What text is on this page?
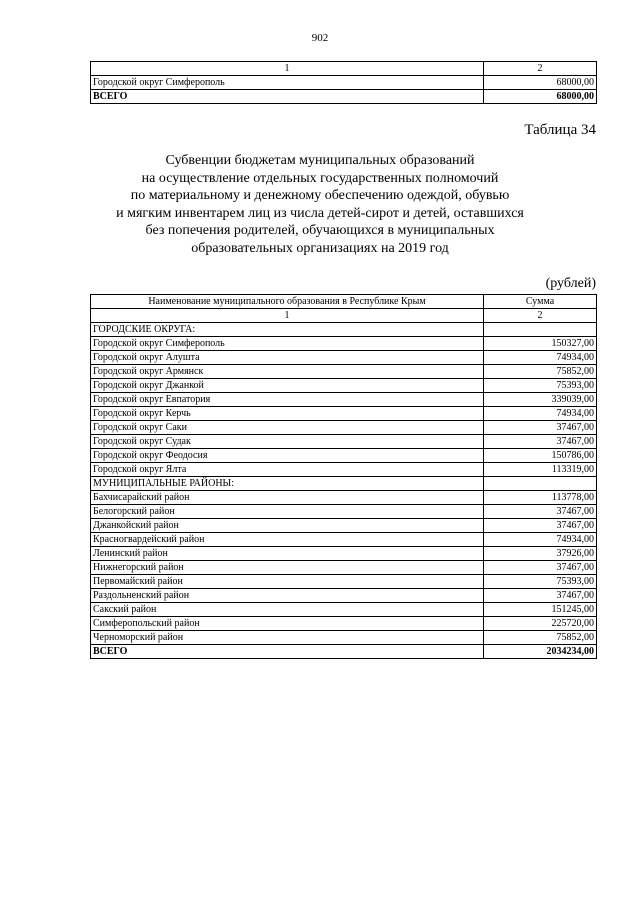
902
1	2
Городской округ Симферополь	68000,00
ВСЕГО	68000,00
Таблица 34
Субвенции бюджетам муниципальных образований
на осуществление отдельных государственных полномочий
по материальному и денежному обеспечению одеждой, обувью
и мягким инвентарем лиц из числа детей-сирот и детей, оставшихся
без попечения родителей, обучающихся в муниципальных
образовательных организациях на 2019 год
(рублей)
Наименование муниципального образования в Республике Крым	Сумма
1	2
ГОРОДСКИЕ ОКРУГА:	
Городской округ Симферополь	150327,00
Городской округ Алушта	74934,00
Городской округ Армянск	75852,00
Городской округ Джанкой	75393,00
Городской округ Евпатория	339039,00
Городской округ Керчь	74934,00
Городской округ Саки	37467,00
Городской округ Судак	37467,00
Городской округ Феодосия	150786,00
Городской округ Ялта	113319,00
МУНИЦИПАЛЬНЫЕ РАЙОНЫ:	
Бахчисарайский район	113778,00
Белогорский район	37467,00
Джанкойский район	37467,00
Красногвардейский район	74934,00
Ленинский район	37926,00
Нижнегорский район	37467,00
Первомайский район	75393,00
Раздольненский район	37467,00
Сакский район	151245,00
Симферопольский район	225720,00
Черноморский район	75852,00
ВСЕГО	2034234,00
